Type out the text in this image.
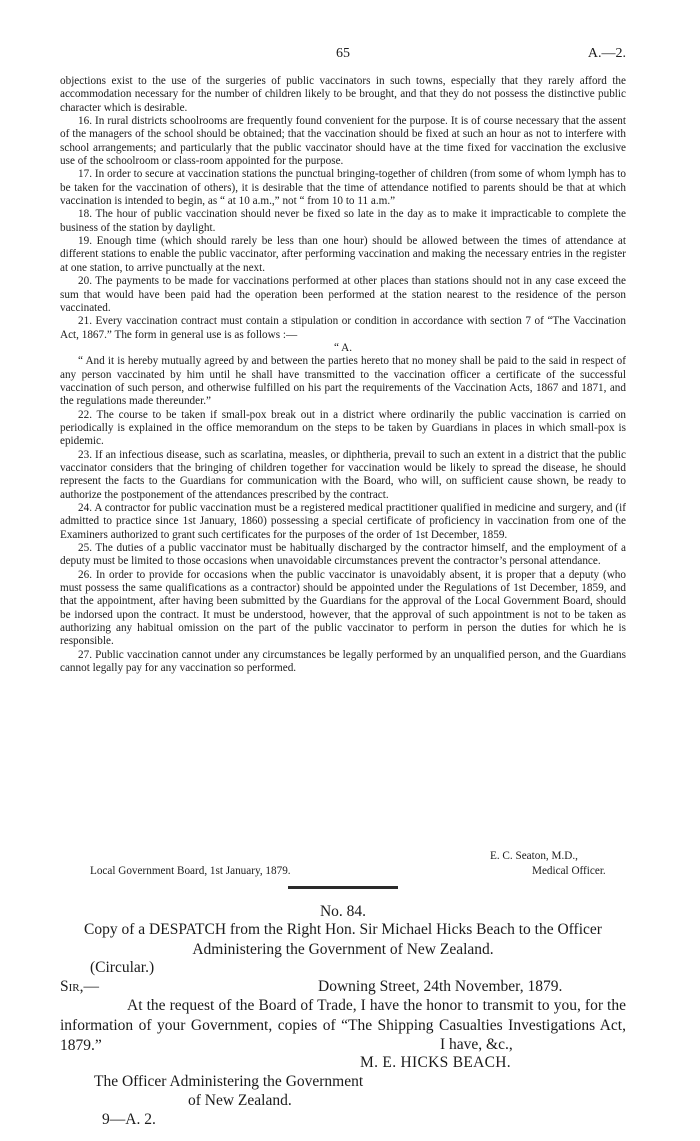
65	A.—2.

objections exist to the use of the surgeries of public vaccinators in such towns, especially that they rarely afford the accommodation necessary for the number of children likely to be brought, and that they do not possess the distinctive public character which is desirable.

16. In rural districts schoolrooms are frequently found convenient for the purpose. It is of course necessary that the assent of the managers of the school should be obtained; that the vaccination should be fixed at such an hour as not to interfere with school arrangements; and particularly that the public vaccinator should have at the time fixed for vaccination the exclusive use of the schoolroom or class-room appointed for the purpose.

17. In order to secure at vaccination stations the punctual bringing-together of children (from some of whom lymph has to be taken for the vaccination of others), it is desirable that the time of attendance notified to parents should be that at which vaccination is intended to begin, as “ at 10 a.m.,” not “ from 10 to 11 a.m.”

18. The hour of public vaccination should never be fixed so late in the day as to make it impracticable to complete the business of the station by daylight.

19. Enough time (which should rarely be less than one hour) should be allowed between the times of attendance at different stations to enable the public vaccinator, after performing vaccination and making the necessary entries in the register at one station, to arrive punctually at the next.

20. The payments to be made for vaccinations performed at other places than stations should not in any case exceed the sum that would have been paid had the operation been performed at the station nearest to the residence of the person vaccinated.

21. Every vaccination contract must contain a stipulation or condition in accordance with section 7 of “The Vaccination Act, 1867.” The form in general use is as follows :—

“ A.

“ And it is hereby mutually agreed by and between the parties hereto that no money shall be paid to the said in respect of any person vaccinated by him until he shall have transmitted to the vaccination officer a certificate of the successful vaccination of such person, and otherwise fulfilled on his part the requirements of the Vaccination Acts, 1867 and 1871, and the regulations made thereunder.”

22. The course to be taken if small-pox break out in a district where ordinarily the public vaccination is carried on periodically is explained in the office memorandum on the steps to be taken by Guardians in places in which small-pox is epidemic.

23. If an infectious disease, such as scarlatina, measles, or diphtheria, prevail to such an extent in a district that the public vaccinator considers that the bringing of children together for vaccination would be likely to spread the disease, he should represent the facts to the Guardians for communication with the Board, who will, on sufficient cause shown, be ready to authorize the postponement of the attendances prescribed by the contract.

24. A contractor for public vaccination must be a registered medical practitioner qualified in medicine and surgery, and (if admitted to practice since 1st January, 1860) possessing a special certificate of proficiency in vaccination from one of the Examiners authorized to grant such certificates for the purposes of the order of 1st December, 1859.

25. The duties of a public vaccinator must be habitually discharged by the contractor himself, and the employment of a deputy must be limited to those occasions when unavoidable circumstances prevent the contractor’s personal attendance.

26. In order to provide for occasions when the public vaccinator is unavoidably absent, it is proper that a deputy (who must possess the same qualifications as a contractor) should be appointed under the Regulations of 1st December, 1859, and that the appointment, after having been submitted by the Guardians for the approval of the Local Government Board, should be indorsed upon the contract. It must be understood, however, that the approval of such appointment is not to be taken as authorizing any habitual omission on the part of the public vaccinator to perform in person the duties for which he is responsible.

27. Public vaccination cannot under any circumstances be legally performed by an unqualified person, and the Guardians cannot legally pay for any vaccination so performed.

E. C. Seaton, M.D.,
Local Government Board, 1st January, 1879.	Medical Officer.
No. 84.
Copy of a DESPATCH from the Right Hon. Sir Michael Hicks Beach to the Officer Administering the Government of New Zealand.
(Circular.)
Sir,—	Downing Street, 24th November, 1879.

At the request of the Board of Trade, I have the honor to transmit to you, for the information of your Government, copies of “The Shipping Casualties Investigations Act, 1879.”	I have, &c.,
M. E. HICKS BEACH.
The Officer Administering the Government
of New Zealand.
9—A. 2.
